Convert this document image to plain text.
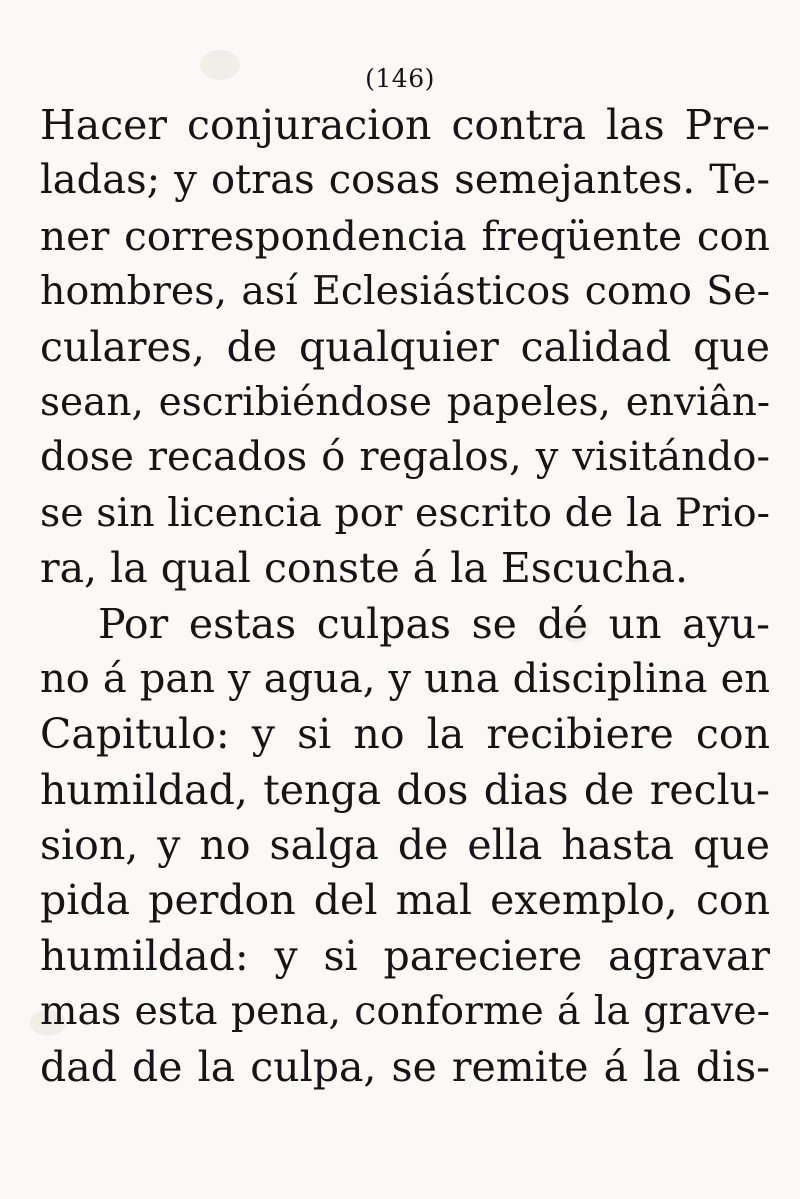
(146)
Hacer conjuracion contra las Pre-
ladas; y otras cosas semejantes. Te-
ner correspondencia freqüente con
hombres, así Eclesiásticos como Se-
culares, de qualquier calidad que
sean, escribiéndose papeles, enviân-
dose recados ó regalos, y visitándo-
se sin licencia por escrito de la Prio-
ra, la qual conste á la Escucha.
Por estas culpas se dé un ayu-
no á pan y agua, y una disciplina en
Capitulo: y si no la recibiere con
humildad, tenga dos dias de reclu-
sion, y no salga de ella hasta que
pida perdon del mal exemplo, con
humildad: y si pareciere agravar
mas esta pena, conforme á la grave-
dad de la culpa, se remite á la dis-
